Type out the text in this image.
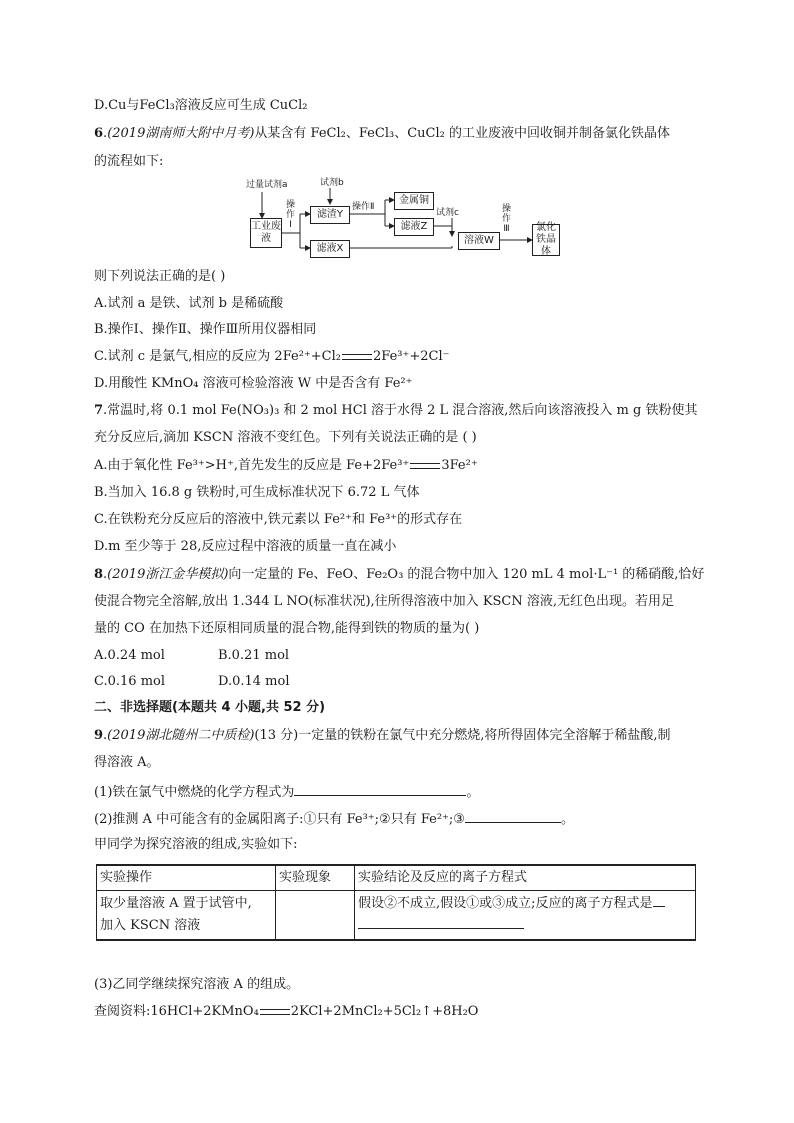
D.Cu与FeCl₃溶液反应可生成 CuCl₂
6.(2019湖南师大附中月考)从某含有 FeCl₂、FeCl₃、CuCl₂ 的工业废液中回收铜并制备氯化铁晶体
的流程如下:
过量试剂a	试剂b
试剂c
操作Ⅰ
操作Ⅱ	操作Ⅲ
工业废液
滤渣Y
滤液X
金属铜
滤液Z
溶液W
氯化铁晶体
则下列说法正确的是( )
A.试剂 a 是铁、试剂 b 是稀硫酸
B.操作Ⅰ、操作Ⅱ、操作Ⅲ所用仪器相同
C.试剂 c 是氯气,相应的反应为 2Fe²⁺+Cl₂ 2Fe³⁺+2Cl⁻
D.用酸性 KMnO₄ 溶液可检验溶液 W 中是否含有 Fe²⁺
7.常温时,将 0.1 mol Fe(NO₃)₃ 和 2 mol HCl 溶于水得 2 L 混合溶液,然后向该溶液投入 m g 铁粉使其
充分反应后,滴加 KSCN 溶液不变红色。下列有关说法正确的是 ( )
A.由于氧化性 Fe³⁺>H⁺,首先发生的反应是 Fe+2Fe³⁺ 3Fe²⁺
B.当加入 16.8 g 铁粉时,可生成标准状况下 6.72 L 气体
C.在铁粉充分反应后的溶液中,铁元素以 Fe²⁺和 Fe³⁺的形式存在
D.m 至少等于 28,反应过程中溶液的质量一直在减小
8.(2019浙江金华模拟)向一定量的 Fe、FeO、Fe₂O₃ 的混合物中加入 120 mL 4 mol·L⁻¹ 的稀硝酸,恰好
使混合物完全溶解,放出 1.344 L NO(标准状况),往所得溶液中加入 KSCN 溶液,无红色出现。若用足
量的 CO 在加热下还原相同质量的混合物,能得到铁的物质的量为( )
A.0.24 mol	B.0.21 mol
C.0.16 mol	D.0.14 mol
二、非选择题(本题共 4 小题,共 52 分)
9.(2019湖北随州二中质检)(13 分)一定量的铁粉在氯气中充分燃烧,将所得固体完全溶解于稀盐酸,制
得溶液 A。
(1)铁在氯气中燃烧的化学方程式为	。
(2)推测 A 中可能含有的金属阳离子:①只有 Fe³⁺;②只有 Fe²⁺;③	。
甲同学为探究溶液的组成,实验如下:
实验操作	实验现象	实验结论及反应的离子方程式

取少量溶液 A 置于试管中,
加入 KSCN 溶液		假设②不成立,假设①或③成立;反应的离子方程式是
(3)乙同学继续探究溶液 A 的组成。
查阅资料:16HCl+2KMnO₄ 2KCl+2MnCl₂+5Cl₂↑+8H₂O
